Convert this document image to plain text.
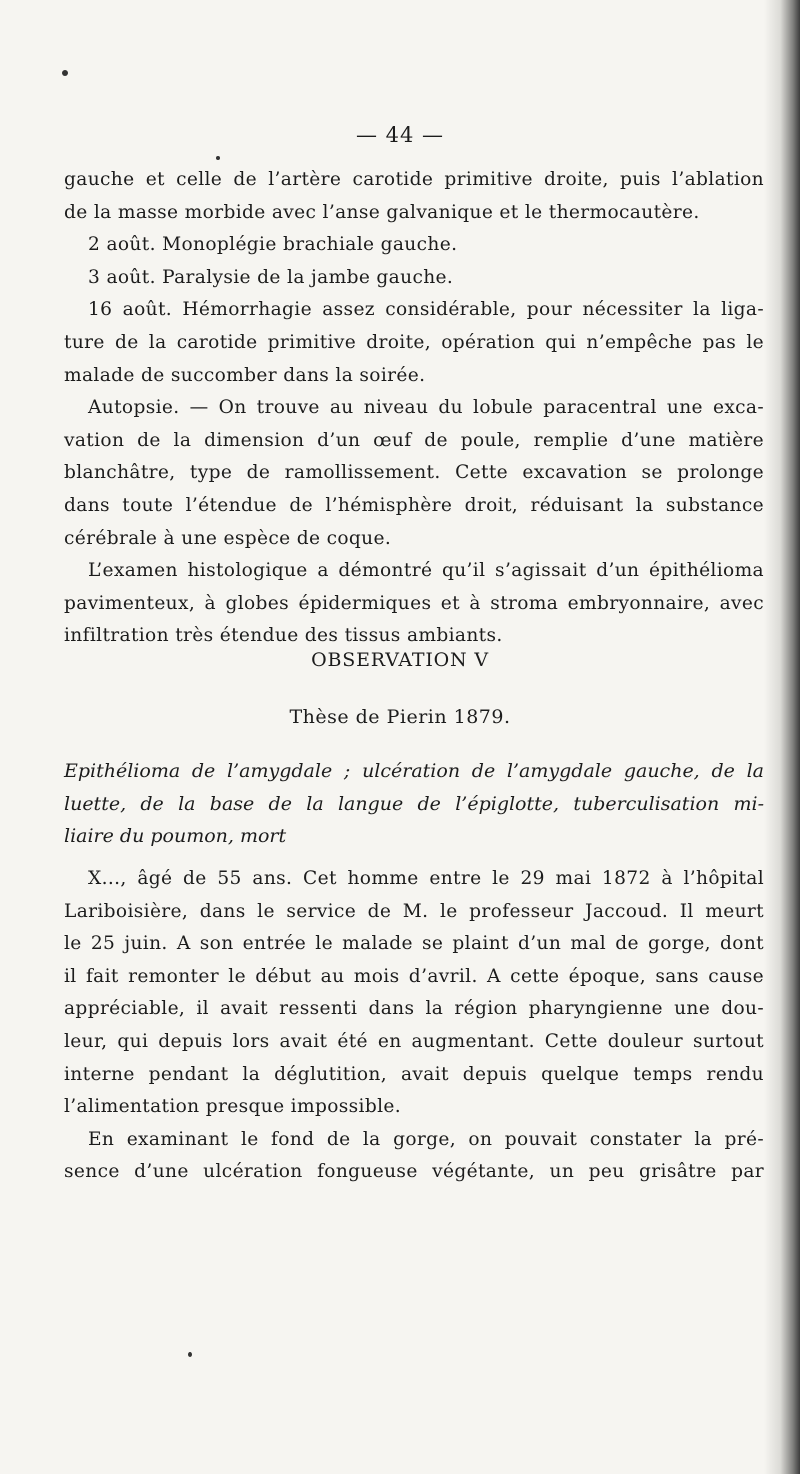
— 44 —
gauche et celle de l’artère carotide primitive droite, puis l’ablation
de la masse morbide avec l’anse galvanique et le thermocautère.
2 août. Monoplégie brachiale gauche.
3 août. Paralysie de la jambe gauche.
16 août. Hémorrhagie assez considérable, pour nécessiter la liga-
ture de la carotide primitive droite, opération qui n’empêche pas le
malade de succomber dans la soirée.
Autopsie. — On trouve au niveau du lobule paracentral une exca-
vation de la dimension d’un œuf de poule, remplie d’une matière
blanchâtre, type de ramollissement. Cette excavation se prolonge
dans toute l’étendue de l’hémisphère droit, réduisant la substance
cérébrale à une espèce de coque.
L’examen histologique a démontré qu’il s’agissait d’un épithélioma
pavimenteux, à globes épidermiques et à stroma embryonnaire, avec
infiltration très étendue des tissus ambiants.
OBSERVATION V
Thèse de Pierin 1879.
Epithélioma de l’amygdale ; ulcération de l’amygdale gauche, de la
luette, de la base de la langue de l’épiglotte, tuberculisation mi-
liaire du poumon, mort
X..., âgé de 55 ans. Cet homme entre le 29 mai 1872 à l’hôpital
Lariboisière, dans le service de M. le professeur Jaccoud. Il meurt
le 25 juin. A son entrée le malade se plaint d’un mal de gorge, dont
il fait remonter le début au mois d’avril. A cette époque, sans cause
appréciable, il avait ressenti dans la région pharyngienne une dou-
leur, qui depuis lors avait été en augmentant. Cette douleur surtout
interne pendant la déglutition, avait depuis quelque temps rendu
l’alimentation presque impossible.
En examinant le fond de la gorge, on pouvait constater la pré-
sence d’une ulcération fongueuse végétante, un peu grisâtre par
